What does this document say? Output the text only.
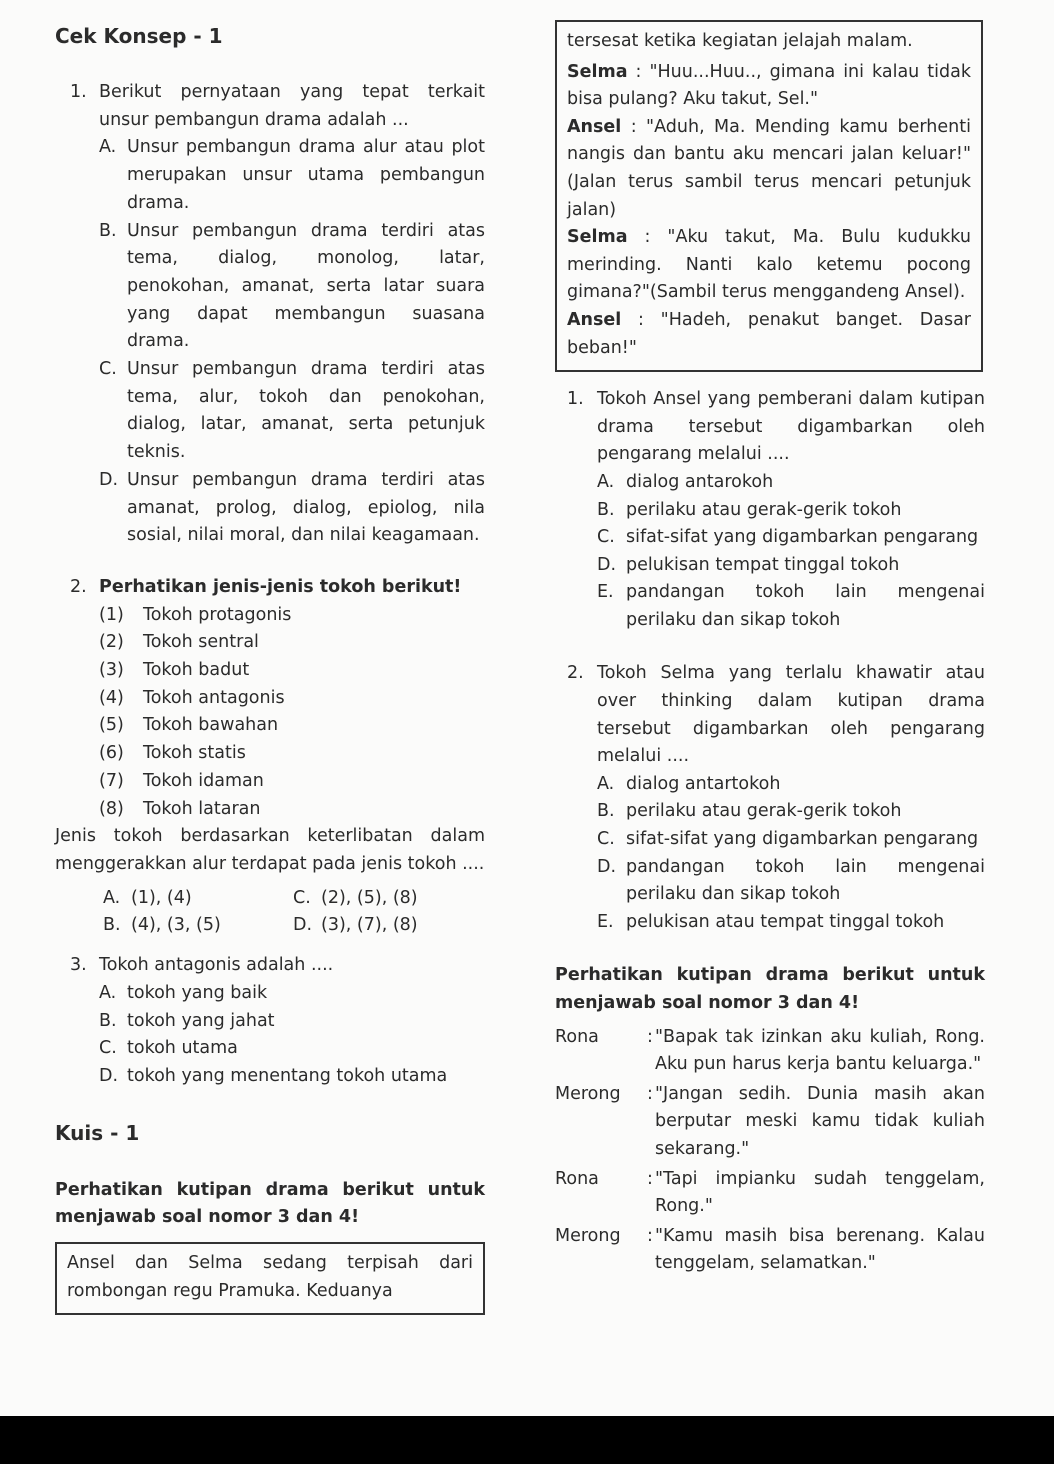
Cek Konsep - 1
1. Berikut pernyataan yang tepat terkait unsur pembangun drama adalah ...
A. Unsur pembangun drama alur atau plot merupakan unsur utama pembangun drama.
B. Unsur pembangun drama terdiri atas tema, dialog, monolog, latar, penokohan, amanat, serta latar suara yang dapat membangun suasana drama.
C. Unsur pembangun drama terdiri atas tema, alur, tokoh dan penokohan, dialog, latar, amanat, serta petunjuk teknis.
D. Unsur pembangun drama terdiri atas amanat, prolog, dialog, epiolog, nila sosial, nilai moral, dan nilai keagamaan.
2. Perhatikan jenis-jenis tokoh berikut!
(1) Tokoh protagonis
(2) Tokoh sentral
(3) Tokoh badut
(4) Tokoh antagonis
(5) Tokoh bawahan
(6) Tokoh statis
(7) Tokoh idaman
(8) Tokoh lataran
Jenis tokoh berdasarkan keterlibatan dalam menggerakkan alur terdapat pada jenis tokoh ....
A. (1), (4)	C. (2), (5), (8)
B. (4), (3, (5)	D. (3), (7), (8)
3. Tokoh antagonis adalah ....
A. tokoh yang baik
B. tokoh yang jahat
C. tokoh utama
D. tokoh yang menentang tokoh utama
Kuis - 1
Perhatikan kutipan drama berikut untuk menjawab soal nomor 3 dan 4!
Ansel dan Selma sedang terpisah dari rombongan regu Pramuka. Keduanya
tersesat ketika kegiatan jelajah malam.
Selma : "Huu...Huu.., gimana ini kalau tidak bisa pulang? Aku takut, Sel."
Ansel : "Aduh, Ma. Mending kamu berhenti nangis dan bantu aku mencari jalan keluar!" (Jalan terus sambil terus mencari petunjuk jalan)
Selma : "Aku takut, Ma. Bulu kudukku merinding. Nanti kalo ketemu pocong gimana?"(Sambil terus menggandeng Ansel).
Ansel : "Hadeh, penakut banget. Dasar beban!"
1. Tokoh Ansel yang pemberani dalam kutipan drama tersebut digambarkan oleh pengarang melalui ....
A. dialog antarokoh
B. perilaku atau gerak-gerik tokoh
C. sifat-sifat yang digambarkan pengarang
D. pelukisan tempat tinggal tokoh
E. pandangan tokoh lain mengenai perilaku dan sikap tokoh
2. Tokoh Selma yang terlalu khawatir atau over thinking dalam kutipan drama tersebut digambarkan oleh pengarang melalui ....
A. dialog antartokoh
B. perilaku atau gerak-gerik tokoh
C. sifat-sifat yang digambarkan pengarang
D. pandangan tokoh lain mengenai perilaku dan sikap tokoh
E. pelukisan atau tempat tinggal tokoh
Perhatikan kutipan drama berikut untuk menjawab soal nomor 3 dan 4!
Rona	: "Bapak tak izinkan aku kuliah, Rong. Aku pun harus kerja bantu keluarga."
Merong : "Jangan sedih. Dunia masih akan berputar meski kamu tidak kuliah sekarang."
Rona	: "Tapi impianku sudah tenggelam, Rong."
Merong : "Kamu masih bisa berenang. Kalau tenggelam, selamatkan."
